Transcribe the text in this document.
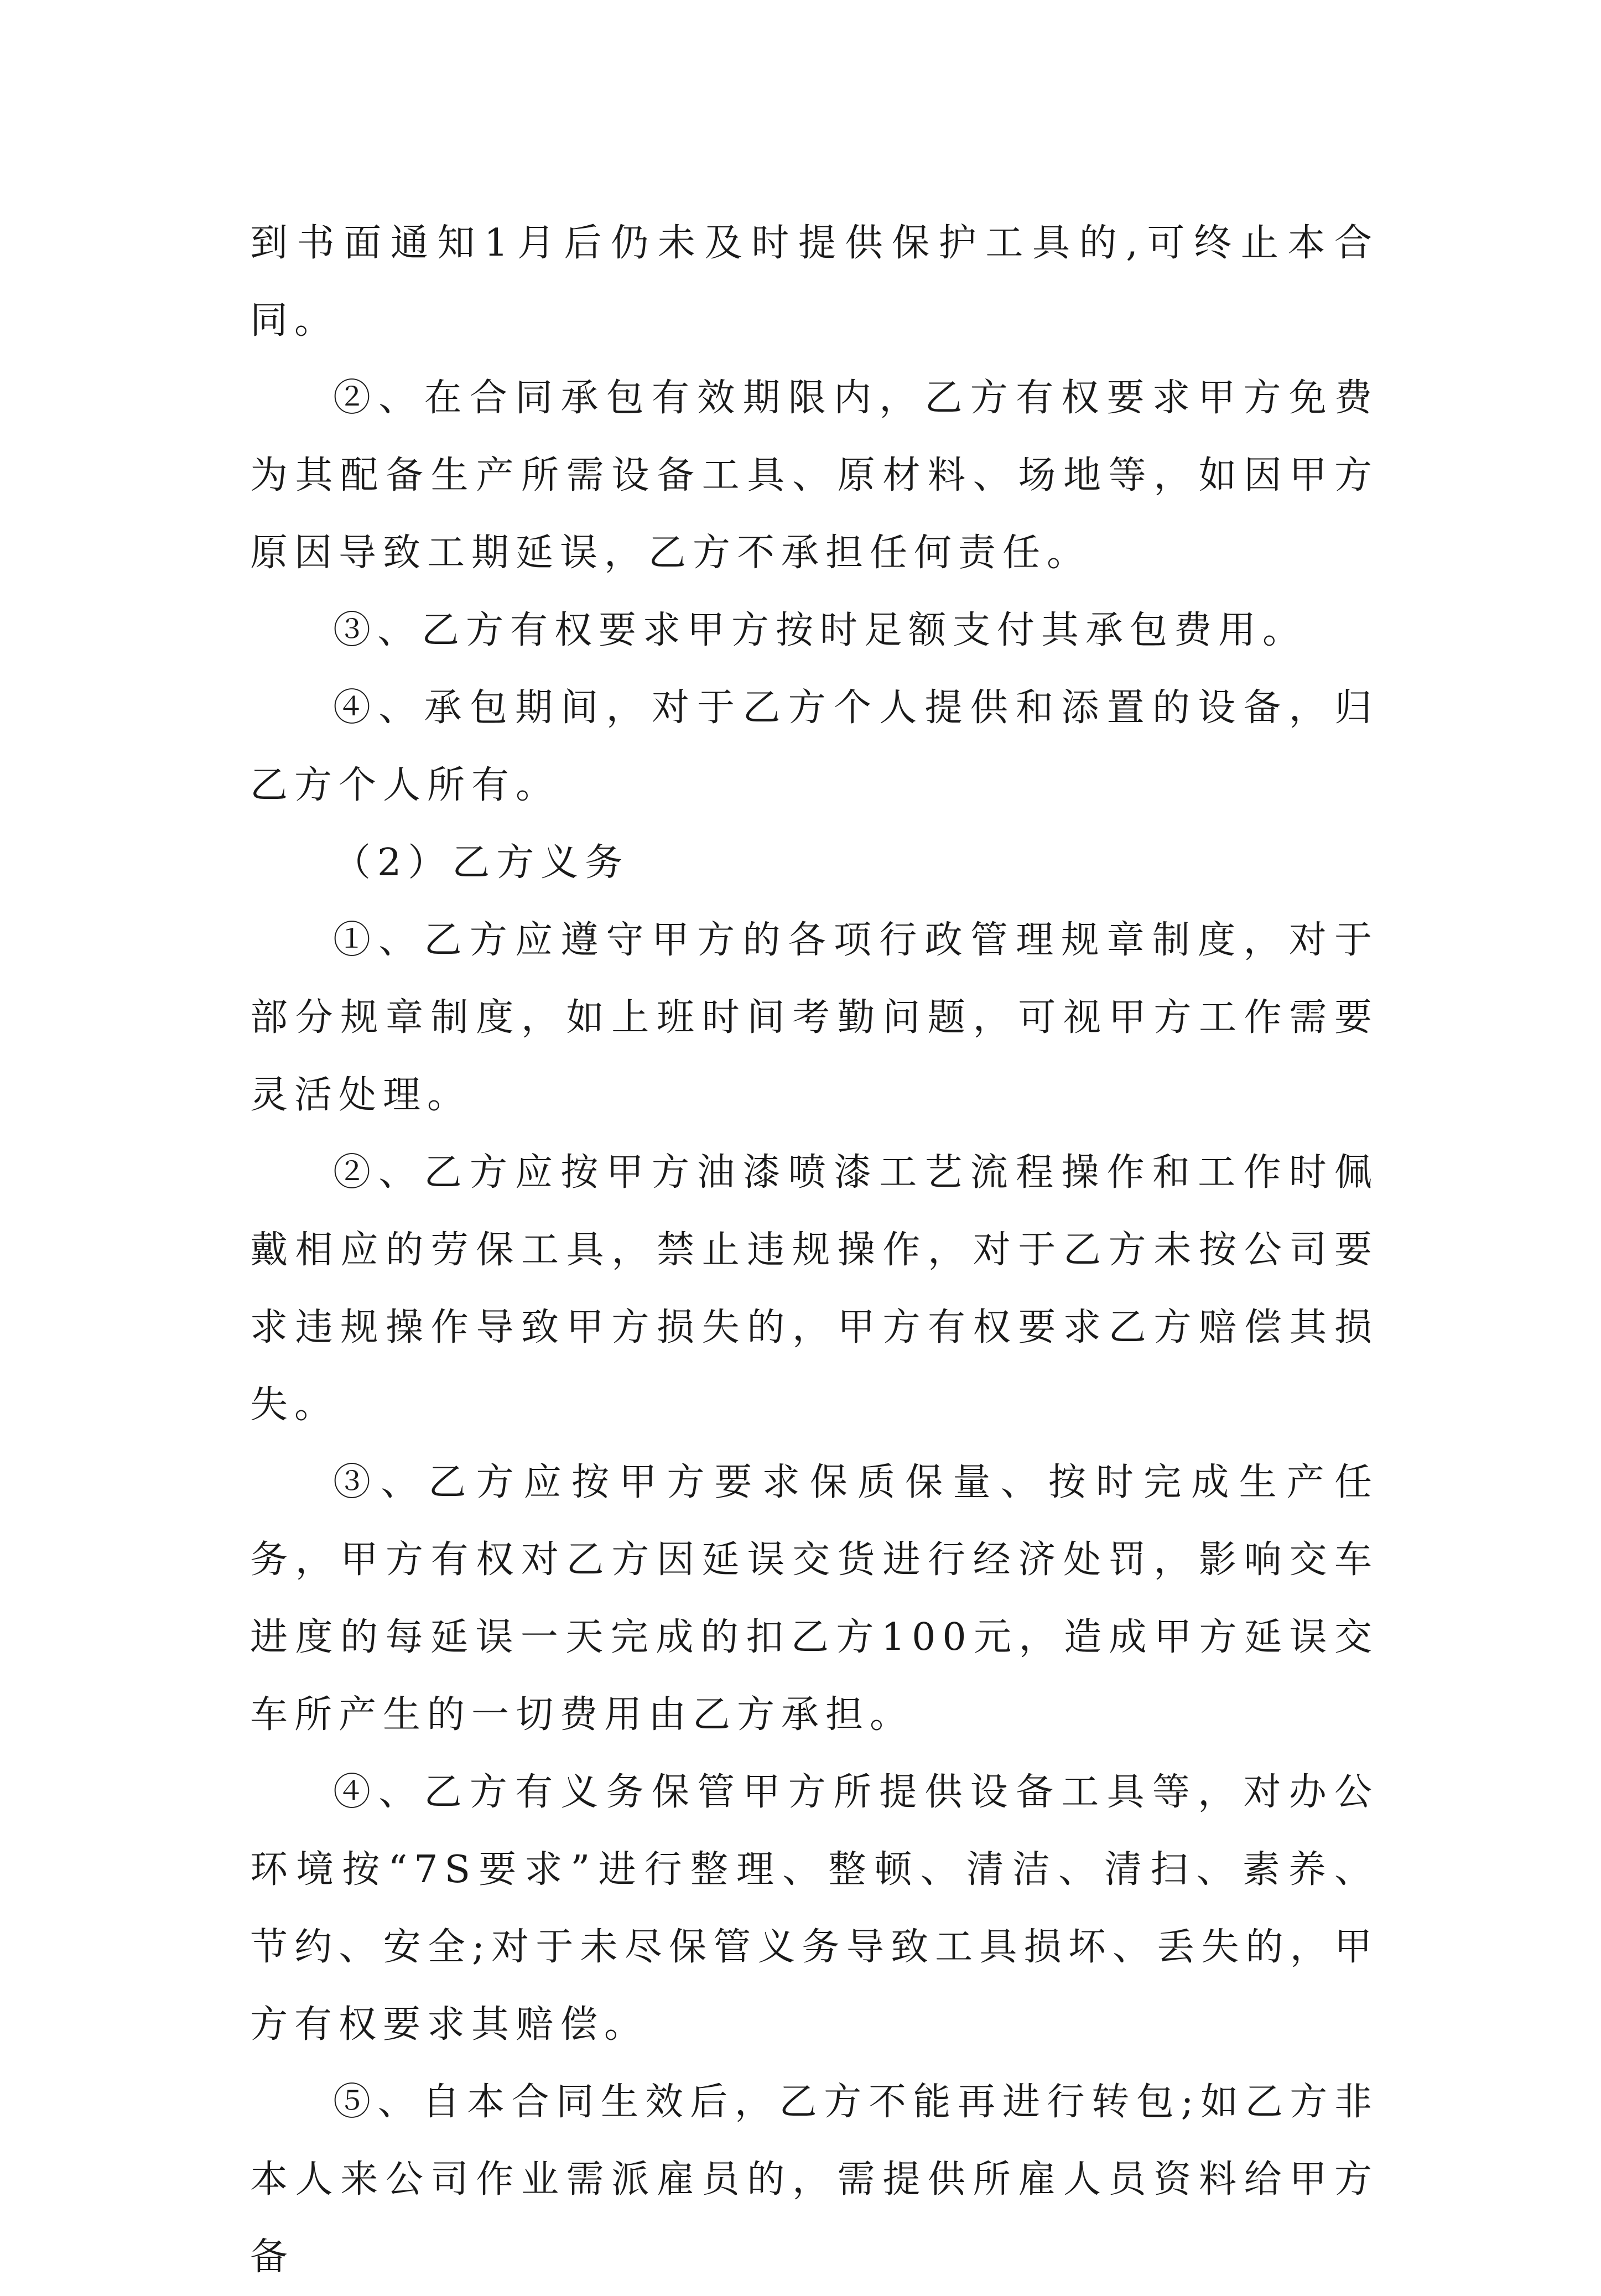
到书面通知1月后仍未及时提供保护工具的,可终止本合同。

②、在合同承包有效期限内，乙方有权要求甲方免费为其配备生产所需设备工具、原材料、场地等，如因甲方原因导致工期延误，乙方不承担任何责任。

③、乙方有权要求甲方按时足额支付其承包费用。

④、承包期间，对于乙方个人提供和添置的设备，归乙方个人所有。

（2）乙方义务

①、乙方应遵守甲方的各项行政管理规章制度，对于部分规章制度，如上班时间考勤问题，可视甲方工作需要灵活处理。

②、乙方应按甲方油漆喷漆工艺流程操作和工作时佩戴相应的劳保工具，禁止违规操作，对于乙方未按公司要求违规操作导致甲方损失的，甲方有权要求乙方赔偿其损失。

③、乙方应按甲方要求保质保量、按时完成生产任务，甲方有权对乙方因延误交货进行经济处罚，影响交车进度的每延误一天完成的扣乙方100元，造成甲方延误交车所产生的一切费用由乙方承担。

④、乙方有义务保管甲方所提供设备工具等，对办公环境按“7S要求”进行整理、整顿、清洁、清扫、素养、节约、安全;对于未尽保管义务导致工具损坏、丢失的，甲方有权要求其赔偿。

⑤、自本合同生效后，乙方不能再进行转包;如乙方非本人来公司作业需派雇员的，需提供所雇人员资料给甲方备
